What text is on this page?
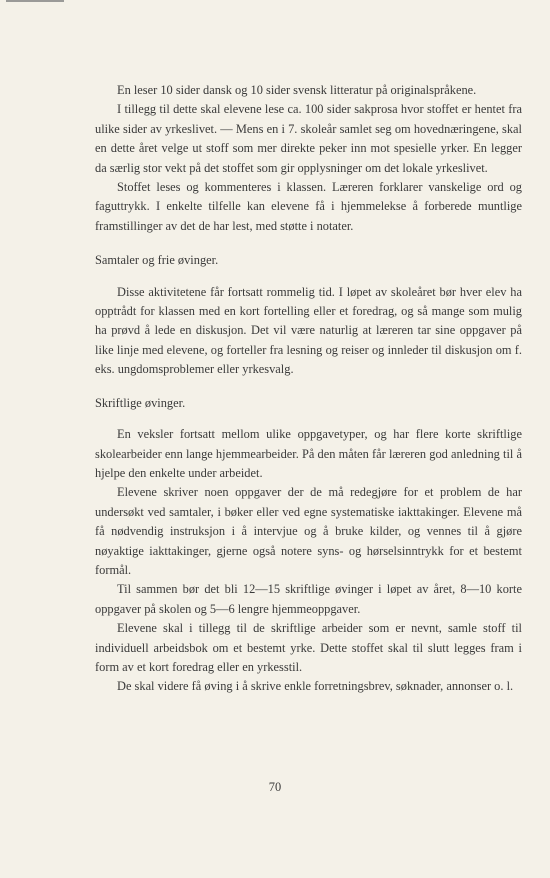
En leser 10 sider dansk og 10 sider svensk litteratur på originalspråkene.

I tillegg til dette skal elevene lese ca. 100 sider sakprosa hvor stoffet er hentet fra ulike sider av yrkeslivet. — Mens en i 7. skoleår samlet seg om hovednæringene, skal en dette året velge ut stoff som mer direkte peker inn mot spesielle yrker. En legger da særlig stor vekt på det stoffet som gir opplysninger om det lokale yrkeslivet.

Stoffet leses og kommenteres i klassen. Læreren forklarer vanskelige ord og faguttrykk. I enkelte tilfelle kan elevene få i hjemmelekse å forberede muntlige framstillinger av det de har lest, med støtte i notater.

Samtaler og frie øvinger.

Disse aktivitetene får fortsatt rommelig tid. I løpet av skoleåret bør hver elev ha opptrådt for klassen med en kort fortelling eller et foredrag, og så mange som mulig ha prøvd å lede en diskusjon. Det vil være naturlig at læreren tar sine oppgaver på like linje med elevene, og forteller fra lesning og reiser og innleder til diskusjon om f. eks. ungdomsproblemer eller yrkesvalg.

Skriftlige øvinger.

En veksler fortsatt mellom ulike oppgavetyper, og har flere korte skriftlige skolearbeider enn lange hjemmearbeider. På den måten får læreren god anledning til å hjelpe den enkelte under arbeidet.

Elevene skriver noen oppgaver der de må redegjøre for et problem de har undersøkt ved samtaler, i bøker eller ved egne systematiske iakttakinger. Elevene må få nødvendig instruksjon i å intervjue og å bruke kilder, og vennes til å gjøre nøyaktige iakttakinger, gjerne også notere syns- og hørselsinntrykk for et bestemt formål.

Til sammen bør det bli 12—15 skriftlige øvinger i løpet av året, 8—10 korte oppgaver på skolen og 5—6 lengre hjemmeoppgaver.

Elevene skal i tillegg til de skriftlige arbeider som er nevnt, samle stoff til individuell arbeidsbok om et bestemt yrke. Dette stoffet skal til slutt legges fram i form av et kort foredrag eller en yrkesstil.

De skal videre få øving i å skrive enkle forretningsbrev, søknader, annonser o. l.

70
